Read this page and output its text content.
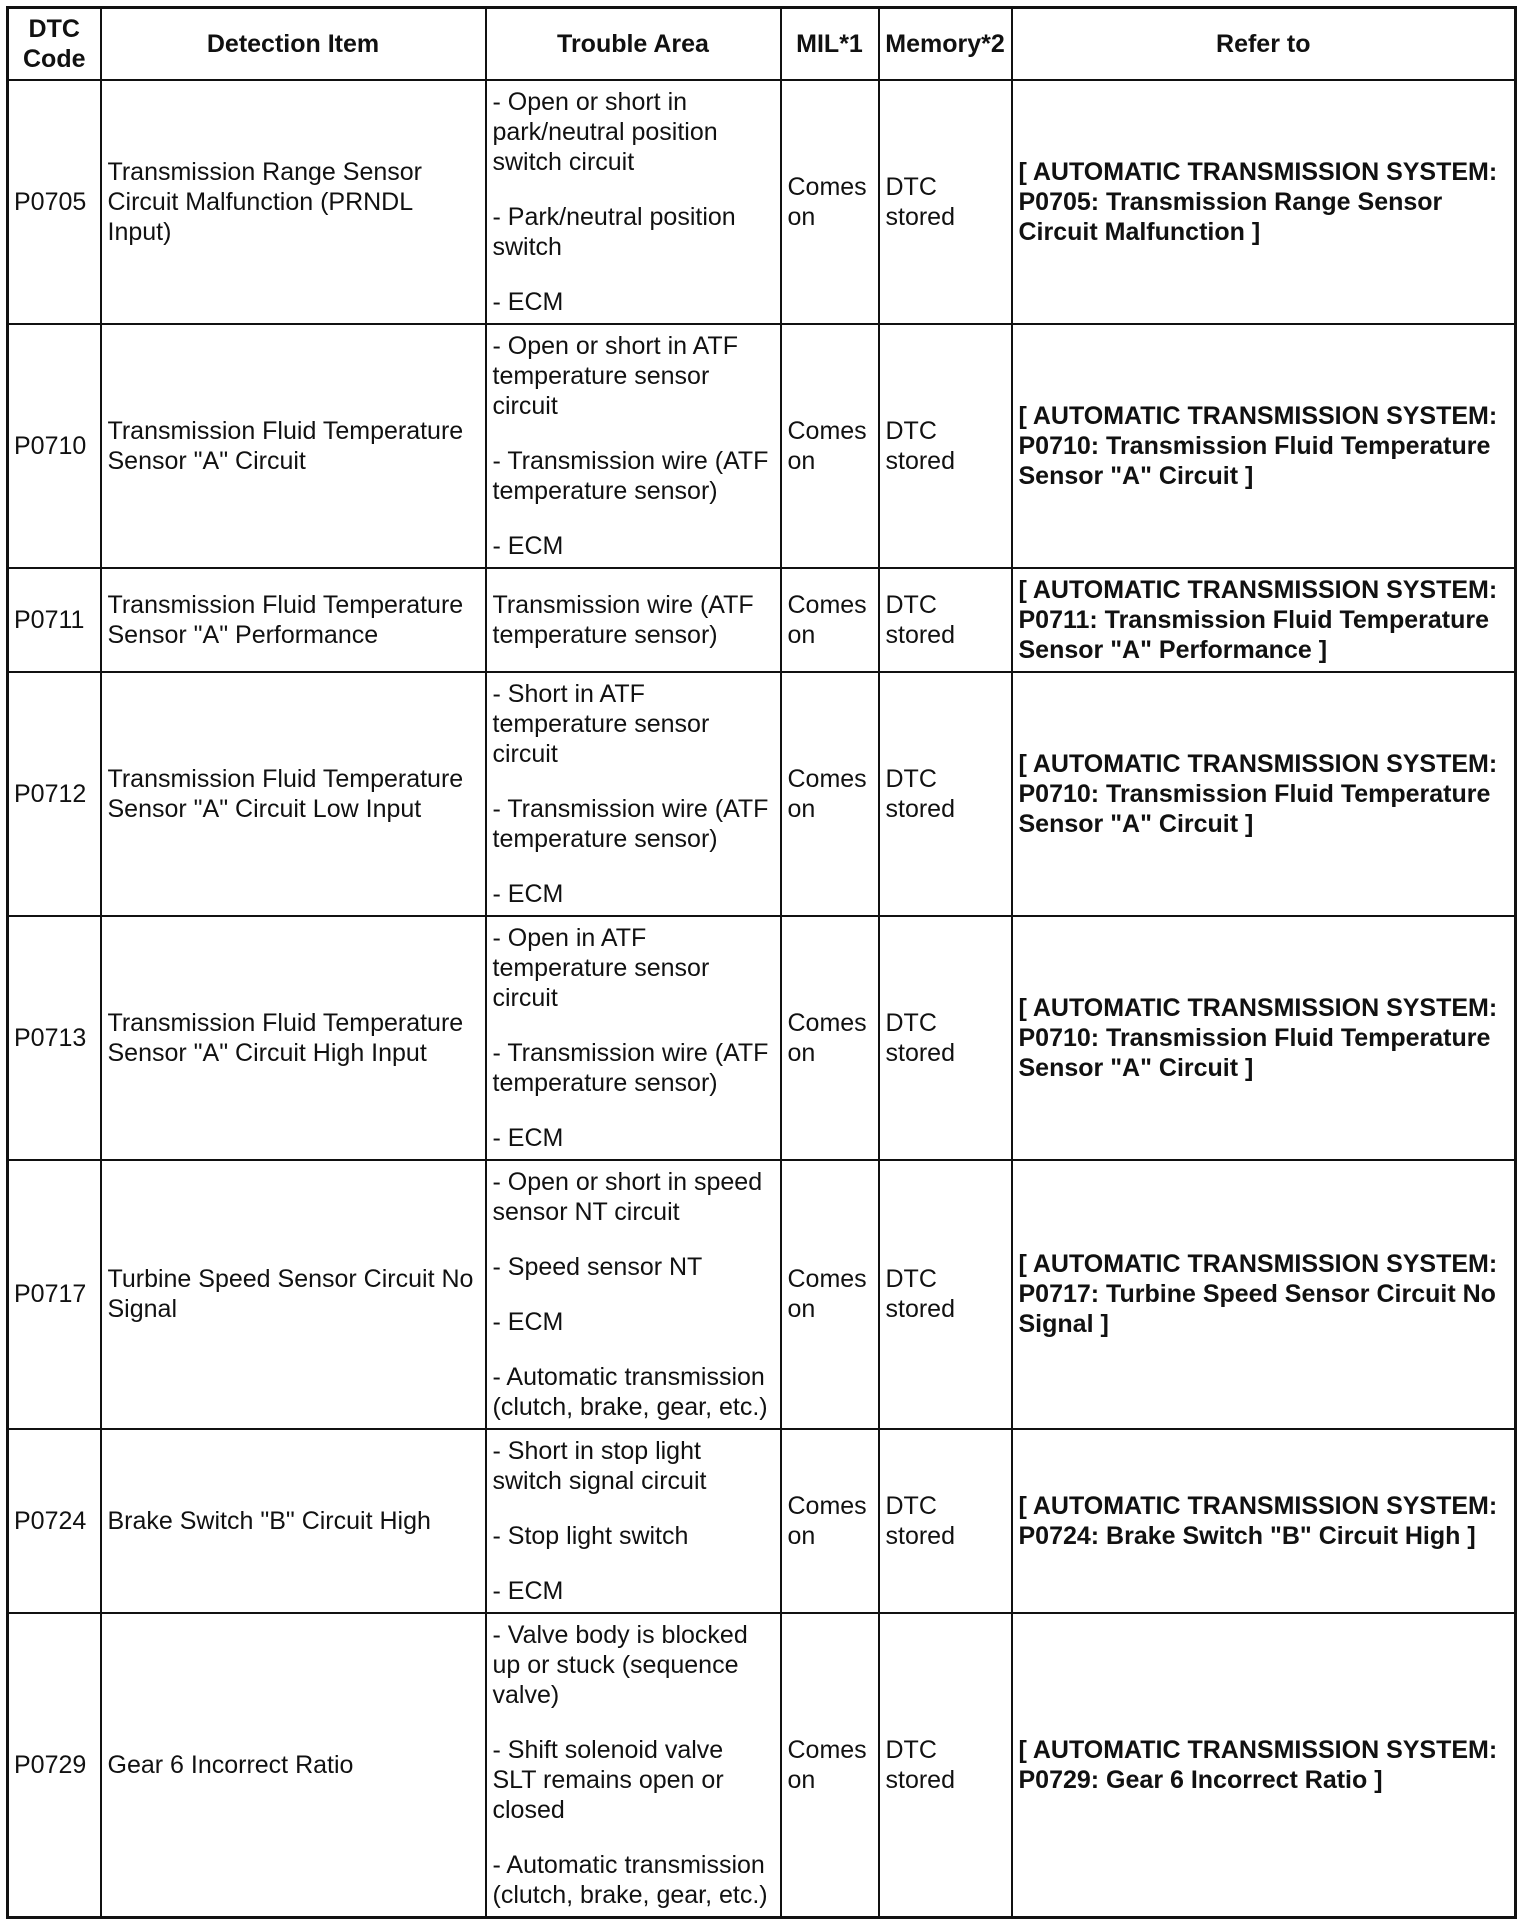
DTC
Code	Detection Item	Trouble Area	MIL*1	Memory*2	Refer to
P0705	Transmission Range Sensor Circuit Malfunction (PRNDL Input)	- Open or short in park/neutral position switch circuit
- Park/neutral position switch
- ECM	Comes on	DTC stored	[ AUTOMATIC TRANSMISSION SYSTEM: P0705: Transmission Range Sensor Circuit Malfunction ]
P0710	Transmission Fluid Temperature Sensor "A" Circuit	- Open or short in ATF temperature sensor circuit
- Transmission wire (ATF temperature sensor)
- ECM	Comes on	DTC stored	[ AUTOMATIC TRANSMISSION SYSTEM: P0710: Transmission Fluid Temperature Sensor "A" Circuit ]
P0711	Transmission Fluid Temperature Sensor "A" Performance	Transmission wire (ATF temperature sensor)	Comes on	DTC stored	[ AUTOMATIC TRANSMISSION SYSTEM: P0711: Transmission Fluid Temperature Sensor "A" Performance ]
P0712	Transmission Fluid Temperature Sensor "A" Circuit Low Input	- Short in ATF temperature sensor circuit
- Transmission wire (ATF temperature sensor)
- ECM	Comes on	DTC stored	[ AUTOMATIC TRANSMISSION SYSTEM: P0710: Transmission Fluid Temperature Sensor "A" Circuit ]
P0713	Transmission Fluid Temperature Sensor "A" Circuit High Input	- Open in ATF temperature sensor circuit
- Transmission wire (ATF temperature sensor)
- ECM	Comes on	DTC stored	[ AUTOMATIC TRANSMISSION SYSTEM: P0710: Transmission Fluid Temperature Sensor "A" Circuit ]
P0717	Turbine Speed Sensor Circuit No Signal	- Open or short in speed sensor NT circuit
- Speed sensor NT
- ECM
- Automatic transmission (clutch, brake, gear, etc.)	Comes on	DTC stored	[ AUTOMATIC TRANSMISSION SYSTEM: P0717: Turbine Speed Sensor Circuit No Signal ]
P0724	Brake Switch "B" Circuit High	- Short in stop light switch signal circuit
- Stop light switch
- ECM	Comes on	DTC stored	[ AUTOMATIC TRANSMISSION SYSTEM: P0724: Brake Switch "B" Circuit High ]
P0729	Gear 6 Incorrect Ratio	- Valve body is blocked up or stuck (sequence valve)
- Shift solenoid valve SLT remains open or closed
- Automatic transmission (clutch, brake, gear, etc.)	Comes on	DTC stored	[ AUTOMATIC TRANSMISSION SYSTEM: P0729: Gear 6 Incorrect Ratio ]
